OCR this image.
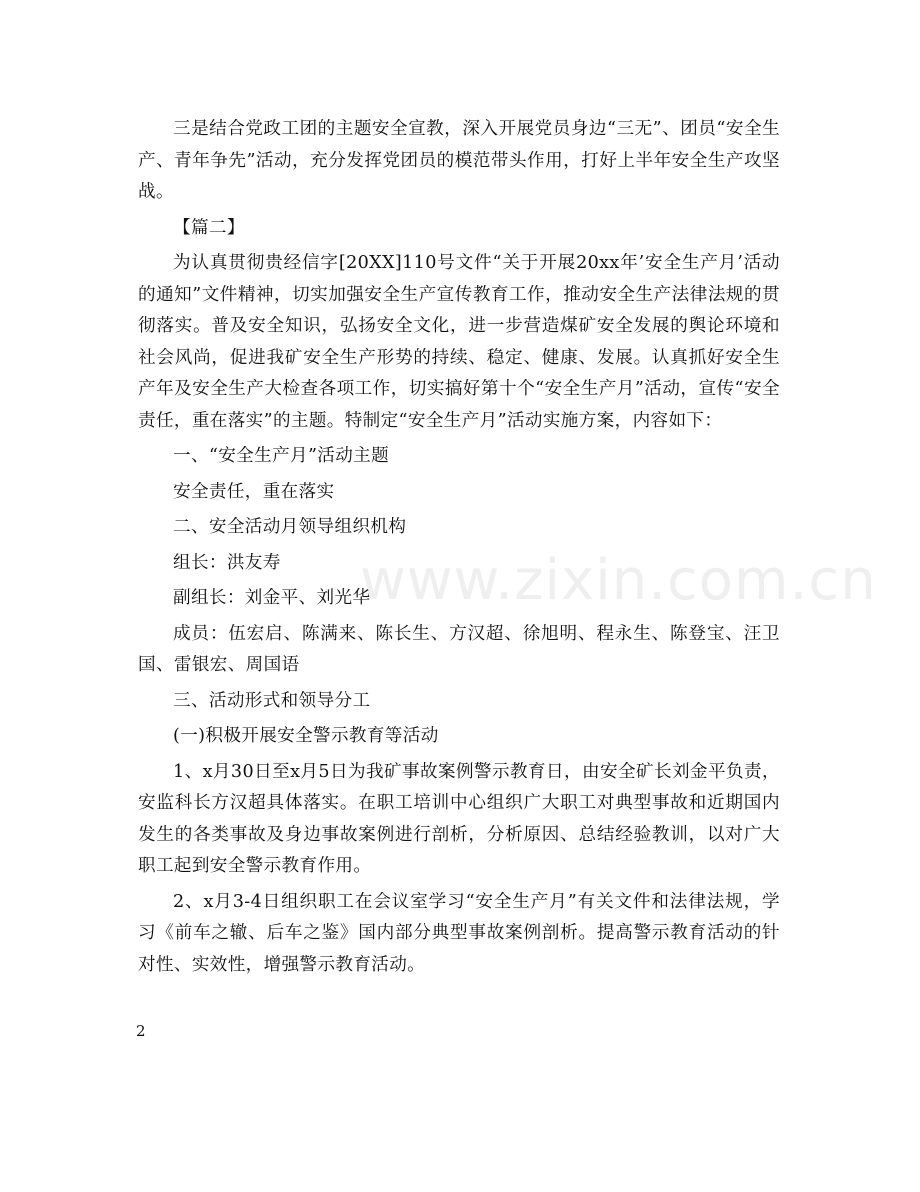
www.zixin.com.cn

三是结合党政工团的主题安全宣教，深入开展党员身边“三无”、团员“安全生产、青年争先”活动，充分发挥党团员的模范带头作用，打好上半年安全生产攻坚战。

【篇二】

为认真贯彻贵经信字[20XX]110号文件“关于开展20xx年’安全生产月’活动的通知”文件精神，切实加强安全生产宣传教育工作，推动安全生产法律法规的贯彻落实。普及安全知识，弘扬安全文化，进一步营造煤矿安全发展的舆论环境和社会风尚，促进我矿安全生产形势的持续、稳定、健康、发展。认真抓好安全生产年及安全生产大检查各项工作，切实搞好第十个“安全生产月”活动，宣传“安全责任，重在落实”的主题。特制定“安全生产月”活动实施方案，内容如下：

一、“安全生产月”活动主题

安全责任，重在落实

二、安全活动月领导组织机构

组长：洪友寿

副组长：刘金平、刘光华

成员：伍宏启、陈满来、陈长生、方汉超、徐旭明、程永生、陈登宝、汪卫国、雷银宏、周国语

三、活动形式和领导分工

(一)积极开展安全警示教育等活动

1、x月30日至x月5日为我矿事故案例警示教育日，由安全矿长刘金平负责，安监科长方汉超具体落实。在职工培训中心组织广大职工对典型事故和近期国内发生的各类事故及身边事故案例进行剖析，分析原因、总结经验教训，以对广大职工起到安全警示教育作用。

2、x月3-4日组织职工在会议室学习“安全生产月”有关文件和法律法规，学习《前车之辙、后车之鉴》国内部分典型事故案例剖析。提高警示教育活动的针对性、实效性，增强警示教育活动。

2
